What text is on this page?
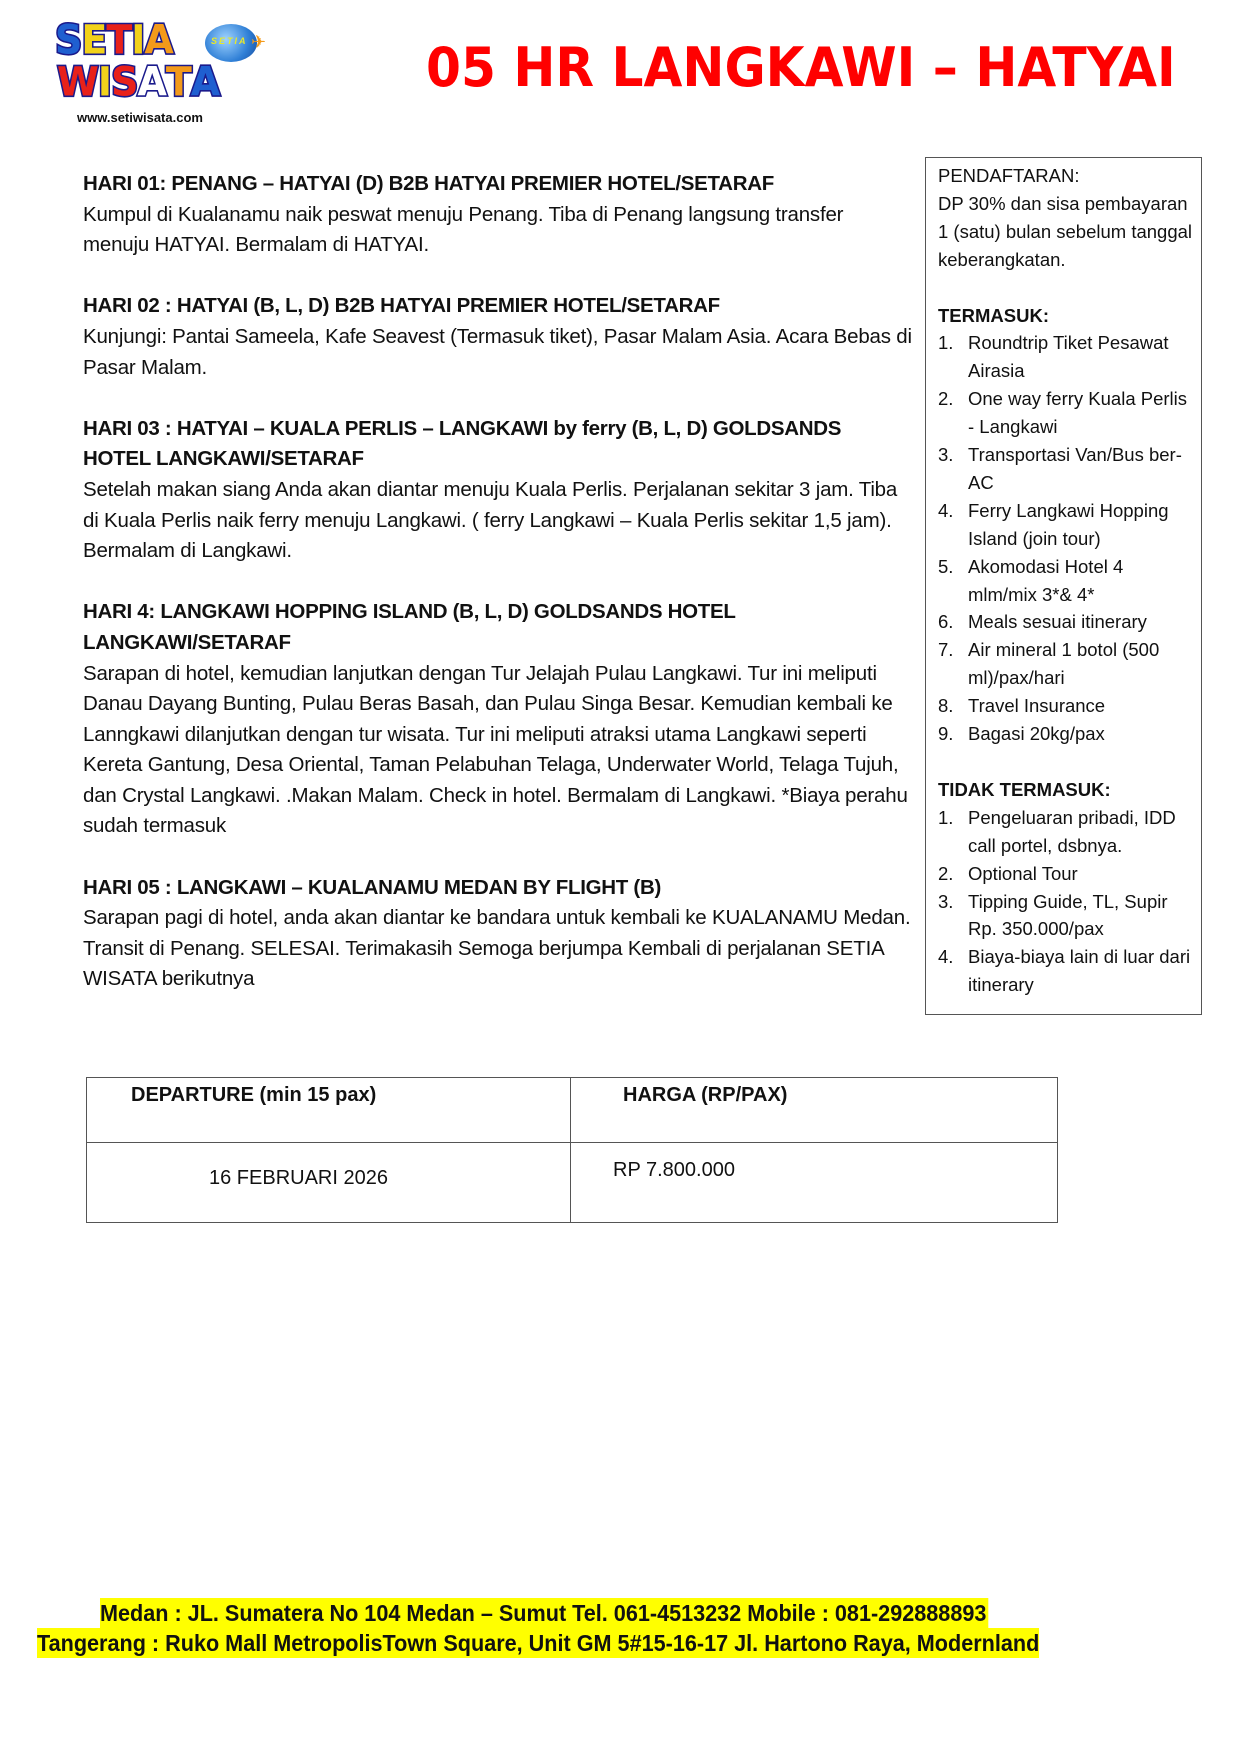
SETIA
WISATA
SETIA ✈
www.setiwisata.com
05 HR LANGKAWI – HATYAI
HARI 01: PENANG – HATYAI (D) B2B HATYAI PREMIER HOTEL/SETARAF
Kumpul di Kualanamu naik peswat menuju Penang. Tiba di Penang langsung transfer menuju HATYAI. Bermalam di HATYAI.
HARI 02 : HATYAI (B, L, D) B2B HATYAI PREMIER HOTEL/SETARAF
Kunjungi: Pantai Sameela, Kafe Seavest (Termasuk tiket), Pasar Malam Asia. Acara Bebas di Pasar Malam.
HARI 03 : HATYAI – KUALA PERLIS – LANGKAWI by ferry (B, L, D) GOLDSANDS HOTEL LANGKAWI/SETARAF
Setelah makan siang Anda akan diantar menuju Kuala Perlis. Perjalanan sekitar 3 jam. Tiba di Kuala Perlis naik ferry menuju Langkawi. ( ferry Langkawi – Kuala Perlis sekitar 1,5 jam). Bermalam di Langkawi.
HARI 4: LANGKAWI HOPPING ISLAND (B, L, D) GOLDSANDS HOTEL LANGKAWI/SETARAF
Sarapan di hotel, kemudian lanjutkan dengan Tur Jelajah Pulau Langkawi. Tur ini meliputi Danau Dayang Bunting, Pulau Beras Basah, dan Pulau Singa Besar. Kemudian kembali ke Lanngkawi dilanjutkan dengan tur wisata. Tur ini meliputi atraksi utama Langkawi seperti Kereta Gantung, Desa Oriental, Taman Pelabuhan Telaga, Underwater World, Telaga Tujuh, dan Crystal Langkawi. .Makan Malam. Check in hotel. Bermalam di Langkawi. *Biaya perahu sudah termasuk
HARI 05 : LANGKAWI – KUALANAMU MEDAN BY FLIGHT (B)
Sarapan pagi di hotel, anda akan diantar ke bandara untuk kembali ke KUALANAMU Medan. Transit di Penang. SELESAI. Terimakasih Semoga berjumpa Kembali di perjalanan SETIA WISATA berikutnya
PENDAFTARAN:
DP 30% dan sisa pembayaran 1 (satu) bulan sebelum tanggal keberangkatan.
TERMASUK:
1. Roundtrip Tiket Pesawat Airasia
2. One way ferry Kuala Perlis - Langkawi
3. Transportasi Van/Bus ber-AC
4. Ferry Langkawi Hopping Island (join tour)
5. Akomodasi Hotel 4 mlm/mix 3*& 4*
6. Meals sesuai itinerary
7. Air mineral 1 botol (500 ml)/pax/hari
8. Travel Insurance
9. Bagasi 20kg/pax
TIDAK TERMASUK:
1. Pengeluaran pribadi, IDD call portel, dsbnya.
2. Optional Tour
3. Tipping Guide, TL, Supir Rp. 350.000/pax
4. Biaya-biaya lain di luar dari itinerary
DEPARTURE (min 15 pax)	HARGA (RP/PAX)
16 FEBRUARI 2026	RP 7.800.000
Medan : JL. Sumatera No 104 Medan – Sumut Tel. 061-4513232 Mobile : 081-292888893
Tangerang : Ruko Mall MetropolisTown Square, Unit GM 5#15-16-17 Jl. Hartono Raya, Modernland
